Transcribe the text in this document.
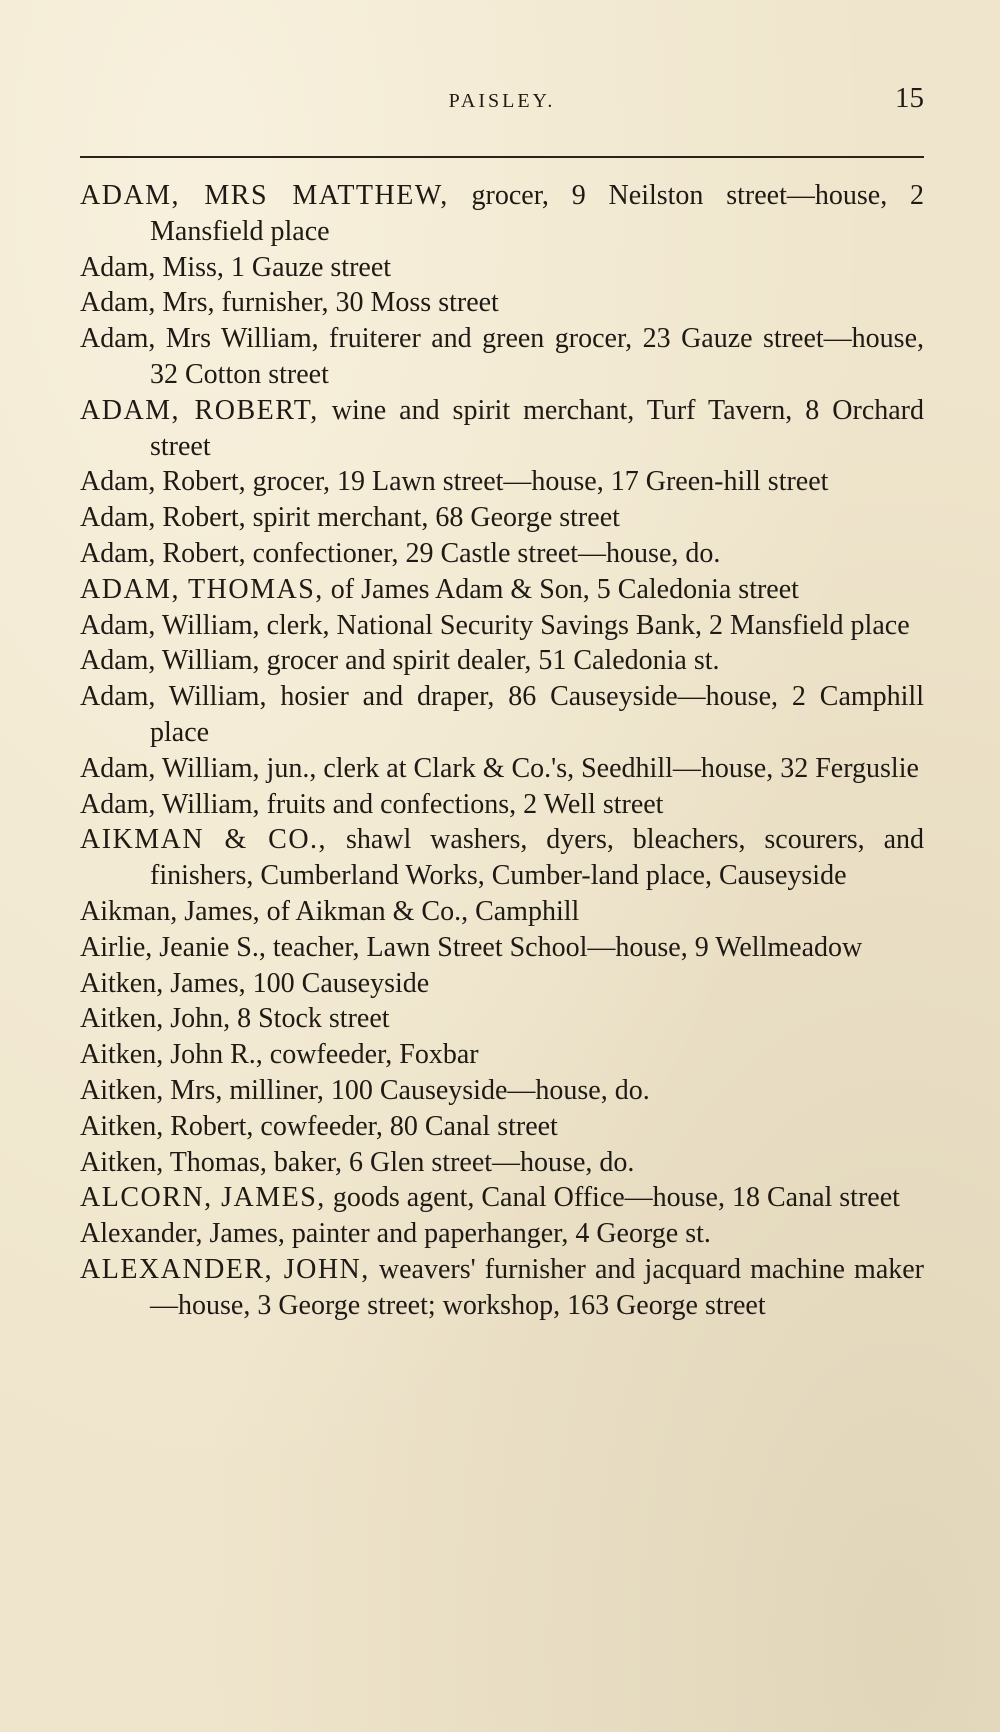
PAISLEY.	15
ADAM, MRS MATTHEW, grocer, 9 Neilston street—house, 2 Mansfield place
Adam, Miss, 1 Gauze street
Adam, Mrs, furnisher, 30 Moss street
Adam, Mrs William, fruiterer and green grocer, 23 Gauze street—house, 32 Cotton street
ADAM, ROBERT, wine and spirit merchant, Turf Tavern, 8 Orchard street
Adam, Robert, grocer, 19 Lawn street—house, 17 Green-hill street
Adam, Robert, spirit merchant, 68 George street
Adam, Robert, confectioner, 29 Castle street—house, do.
ADAM, THOMAS, of James Adam & Son, 5 Caledonia street
Adam, William, clerk, National Security Savings Bank, 2 Mansfield place
Adam, William, grocer and spirit dealer, 51 Caledonia st.
Adam, William, hosier and draper, 86 Causeyside—house, 2 Camphill place
Adam, William, jun., clerk at Clark & Co.'s, Seedhill—house, 32 Ferguslie
Adam, William, fruits and confections, 2 Well street
AIKMAN & CO., shawl washers, dyers, bleachers, scourers, and finishers, Cumberland Works, Cumber-land place, Causeyside
Aikman, James, of Aikman & Co., Camphill
Airlie, Jeanie S., teacher, Lawn Street School—house, 9 Wellmeadow
Aitken, James, 100 Causeyside
Aitken, John, 8 Stock street
Aitken, John R., cowfeeder, Foxbar
Aitken, Mrs, milliner, 100 Causeyside—house, do.
Aitken, Robert, cowfeeder, 80 Canal street
Aitken, Thomas, baker, 6 Glen street—house, do.
ALCORN, JAMES, goods agent, Canal Office—house, 18 Canal street
Alexander, James, painter and paperhanger, 4 George st.
ALEXANDER, JOHN, weavers' furnisher and jacquard machine maker—house, 3 George street; workshop, 163 George street
